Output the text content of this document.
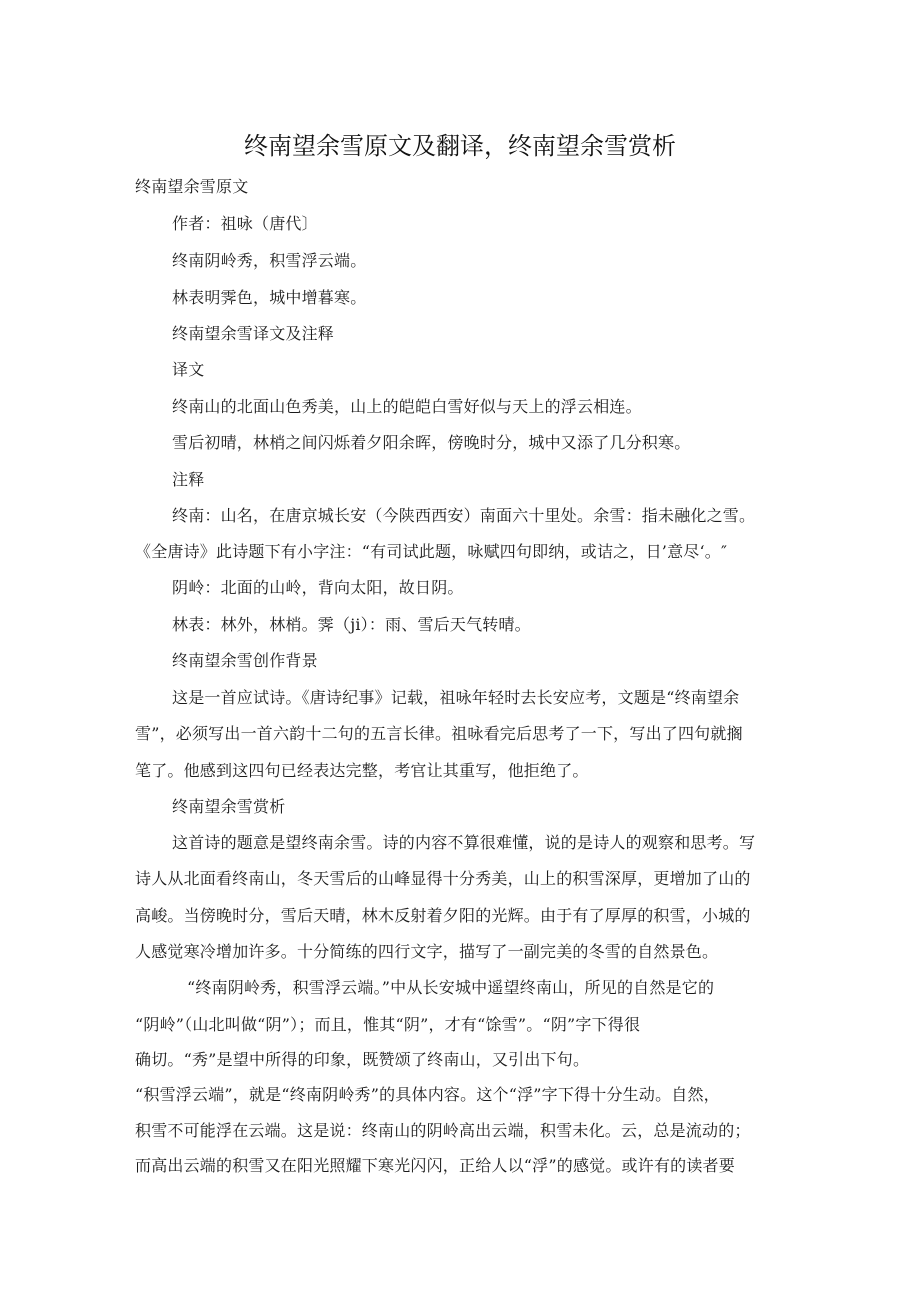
终南望余雪原文及翻译，终南望余雪赏析
终南望余雪原文
作者：祖咏（唐代〕
终南阴岭秀，积雪浮云端。
林表明霁色，城中增暮寒。
终南望余雪译文及注释
译文
终南山的北面山色秀美，山上的皑皑白雪好似与天上的浮云相连。
雪后初晴，林梢之间闪烁着夕阳余晖，傍晚时分，城中又添了几分积寒。
注释
终南：山名，在唐京城长安（今陕西西安）南面六十里处。余雪：指未融化之雪。
《全唐诗》此诗题下有小字注：“有司试此题，咏赋四句即纳，或诘之，日’意尽‘。″
阴岭：北面的山岭，背向太阳，故日阴。
林表：林外，林梢。霁（ji）：雨、雪后天气转晴。
终南望余雪创作背景
这是一首应试诗。《唐诗纪事》记载，祖咏年轻时去长安应考，文题是“终南望余
雪”，必须写出一首六韵十二句的五言长律。祖咏看完后思考了一下，写出了四句就搁
笔了。他感到这四句已经表达完整，考官让其重写，他拒绝了。
终南望余雪赏析
这首诗的题意是望终南余雪。诗的内容不算很难懂，说的是诗人的观察和思考。写
诗人从北面看终南山，冬天雪后的山峰显得十分秀美，山上的积雪深厚，更增加了山的
高峻。当傍晚时分，雪后天晴，林木反射着夕阳的光辉。由于有了厚厚的积雪，小城的
人感觉寒冷增加许多。十分简练的四行文字，描写了一副完美的冬雪的自然景色。
“终南阴岭秀，积雪浮云端。”中从长安城中遥望终南山，所见的自然是它的
“阴岭”（山北叫做“阴”）；而且，惟其“阴”，才有“馀雪”。“阴”字下得很
确切。“秀”是望中所得的印象，既赞颂了终南山，又引出下句。
“积雪浮云端”，就是“终南阴岭秀”的具体内容。这个“浮”字下得十分生动。自然，
积雪不可能浮在云端。这是说：终南山的阴岭高出云端，积雪未化。云，总是流动的；
而高出云端的积雪又在阳光照耀下寒光闪闪，正给人以“浮”的感觉。或许有的读者要
